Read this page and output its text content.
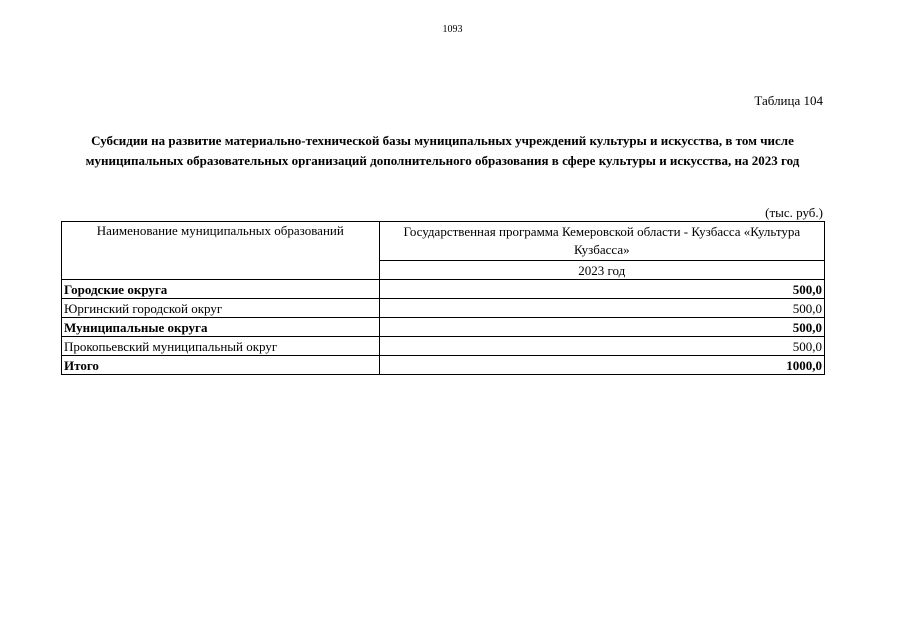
1093
Таблица 104
Субсидии на развитие материально-технической базы муниципальных учреждений культуры и искусства, в том числе муниципальных образовательных организаций дополнительного образования в сфере культуры и искусства, на 2023 год
(тыс. руб.)
Наименование муниципальных образований	Государственная программа Кемеровской области - Кузбасса «Культура Кузбасса»
	2023 год
Городские округа	500,0
Юргинский городской округ	500,0
Муниципальные округа	500,0
Прокопьевский муниципальный округ	500,0
Итого	1000,0
